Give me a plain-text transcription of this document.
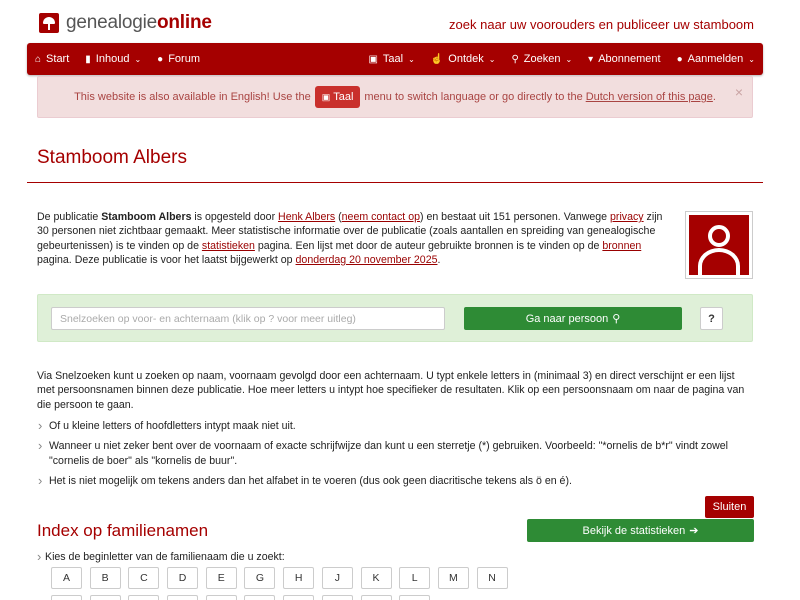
genealogieonline	zoek naar uw voorouders en publiceer uw stamboom
⌂ Start ▮ Inhoud ⌄ ● Forum	▣ Taal ⌄ ☝ Ontdek ⌄ ⚲ Zoeken ⌄ ▾ Abonnement ● Aanmelden ⌄
This website is also available in English! Use the ▣ Taal menu to switch language or go directly to the Dutch version of this page . ×
Stamboom Albers
De publicatie Stamboom Albers is opgesteld door Henk Albers (neem contact op) en bestaat uit 151 personen. Vanwege privacy zijn 30 personen niet zichtbaar gemaakt. Meer statistische informatie over de publicatie (zoals aantallen en spreiding van genealogische gebeurtenissen) is te vinden op de statistieken pagina. Een lijst met door de auteur gebruikte bronnen is te vinden op de bronnen pagina. Deze publicatie is voor het laatst bijgewerkt op donderdag 20 november 2025.
Snelzoeken op voor- en achternaam (klik op ? voor meer uitleg)
Ga naar persoon ⚲	?
Via Snelzoeken kunt u zoeken op naam, voornaam gevolgd door een achternaam. U typt enkele letters in (minimaal 3) en direct verschijnt er een lijst met persoonsnamen binnen deze publicatie. Hoe meer letters u intypt hoe specifieker de resultaten. Klik op een persoonsnaam om naar de pagina van die persoon te gaan.
› Of u kleine letters of hoofdletters intypt maak niet uit.
› Wanneer u niet zeker bent over de voornaam of exacte schrijfwijze dan kunt u een sterretje (*) gebruiken. Voorbeeld: "*ornelis de b*r" vindt zowel "cornelis de boer" als "kornelis de buur".
› Het is niet mogelijk om tekens anders dan het alfabet in te voeren (dus ook geen diacritische tekens als ö en é).
Sluiten
Index op familienamen	Bekijk de statistieken ➔
› Kies de beginletter van de familienaam die u zoekt:
A	B	C	D	E	G	H	J	K	L	M	N
